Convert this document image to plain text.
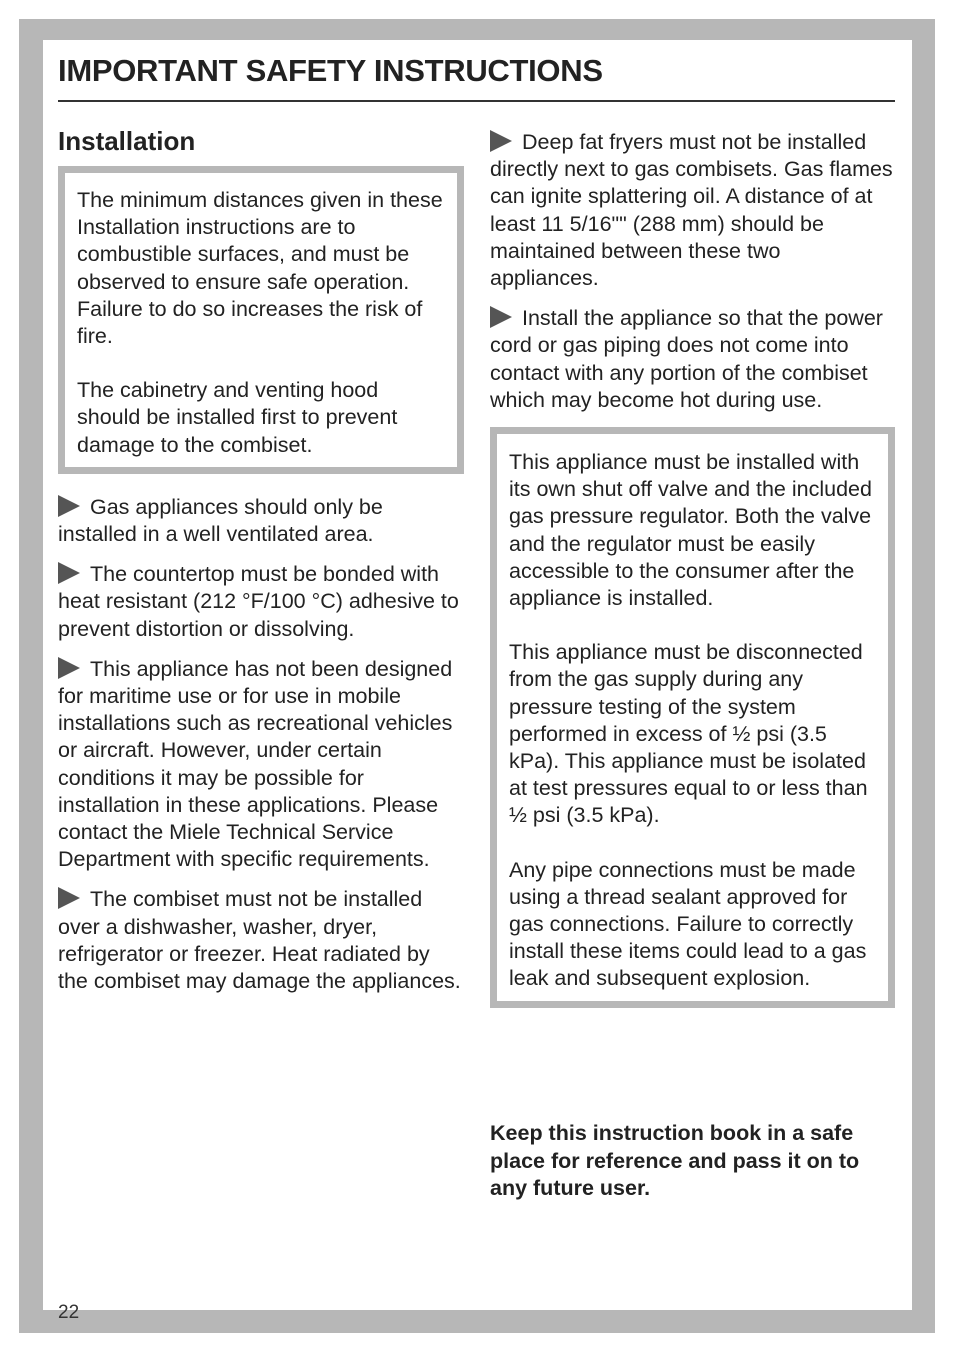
IMPORTANT SAFETY INSTRUCTIONS
Installation

The minimum distances given in these Installation instructions are to combustible surfaces, and must be observed to ensure safe operation. Failure to do so increases the risk of fire.

The cabinetry and venting hood should be installed first to prevent damage to the combiset.

Gas appliances should only be installed in a well ventilated area.
The countertop must be bonded with heat resistant (212 °F/100 °C) adhesive to prevent distortion or dissolving.
This appliance has not been designed for maritime use or for use in mobile installations such as recreational vehicles or aircraft. However, under certain conditions it may be possible for installation in these applications. Please contact the Miele Technical Service Department with specific requirements.
The combiset must not be installed over a dishwasher, washer, dryer, refrigerator or freezer. Heat radiated by the combiset may damage the appliances.
Deep fat fryers must not be installed directly next to gas combisets. Gas flames can ignite splattering oil. A distance of at least 11 5/16"" (288 mm) should be maintained between these two appliances.
Install the appliance so that the power cord or gas piping does not come into contact with any portion of the combiset which may become hot during use.

This appliance must be installed with its own shut off valve and the included gas pressure regulator. Both the valve and the regulator must be easily accessible to the consumer after the appliance is installed.

This appliance must be disconnected from the gas supply during any pressure testing of the system performed in excess of ½ psi (3.5 kPa). This appliance must be isolated at test pressures equal to or less than ½ psi (3.5 kPa).

Any pipe connections must be made using a thread sealant approved for gas connections. Failure to correctly install these items could lead to a gas leak and subsequent explosion.

Keep this instruction book in a safe place for reference and pass it on to any future user.

22
